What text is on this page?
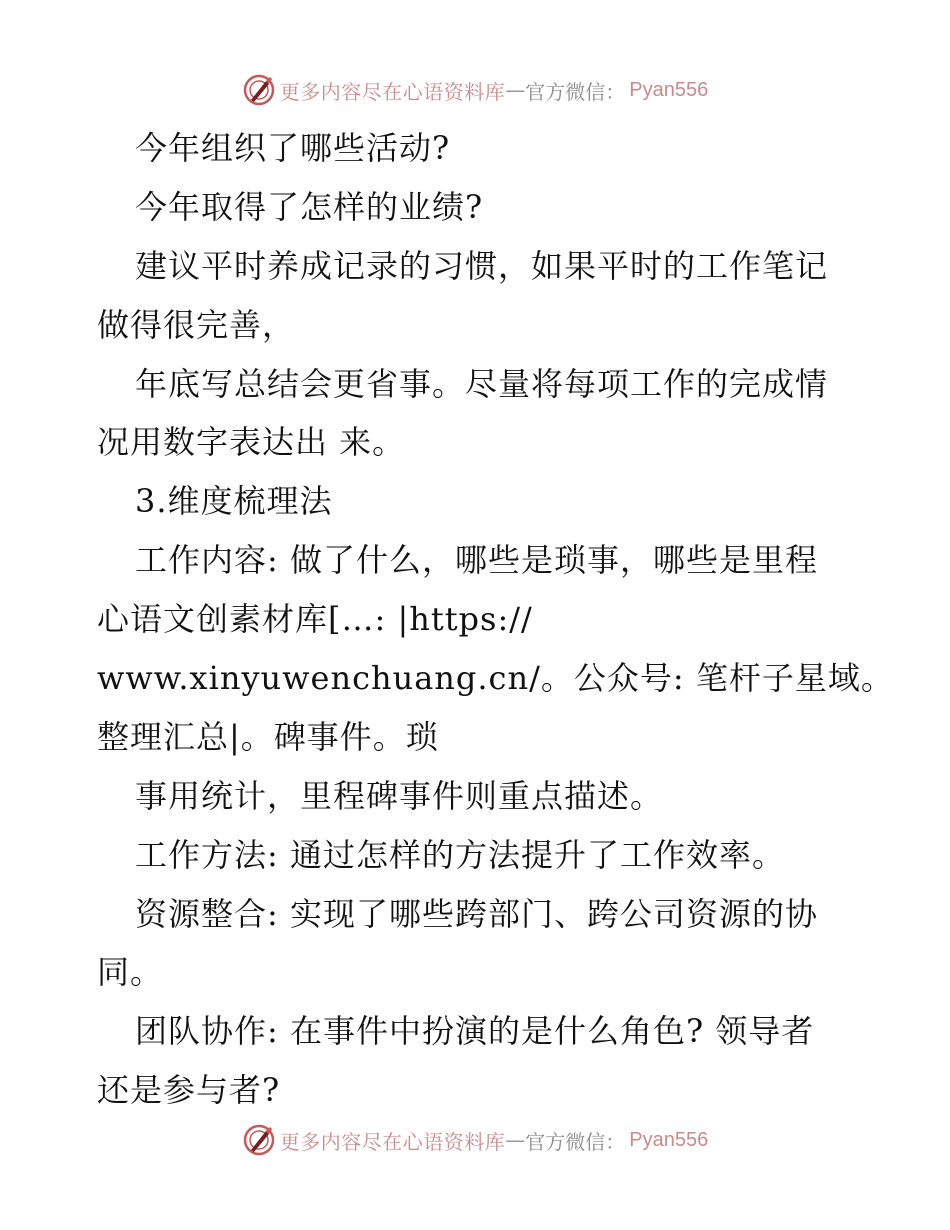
更多内容尽在心语资料库 — 官方微信： Pyan556
今年组织了哪些活动?
今年取得了怎样的业绩?
建议平时养成记录的习惯，如果平时的工作笔记
做得很完善，
年底写总结会更省事。尽量将每项工作的完成情
况用数字表达出 来。
3.维度梳理法
工作内容: 做了什么，哪些是琐事，哪些是里程
心语文创素材库[…: |https://
www.xinyuwenchuang.cn/。公众号: 笔杆子星域。
整理汇总|。碑事件。琐
事用统计，里程碑事件则重点描述。
工作方法: 通过怎样的方法提升了工作效率。
资源整合: 实现了哪些跨部门、跨公司资源的协
同。
团队协作: 在事件中扮演的是什么角色? 领导者
还是参与者?
更多内容尽在心语资料库 — 官方微信： Pyan556
